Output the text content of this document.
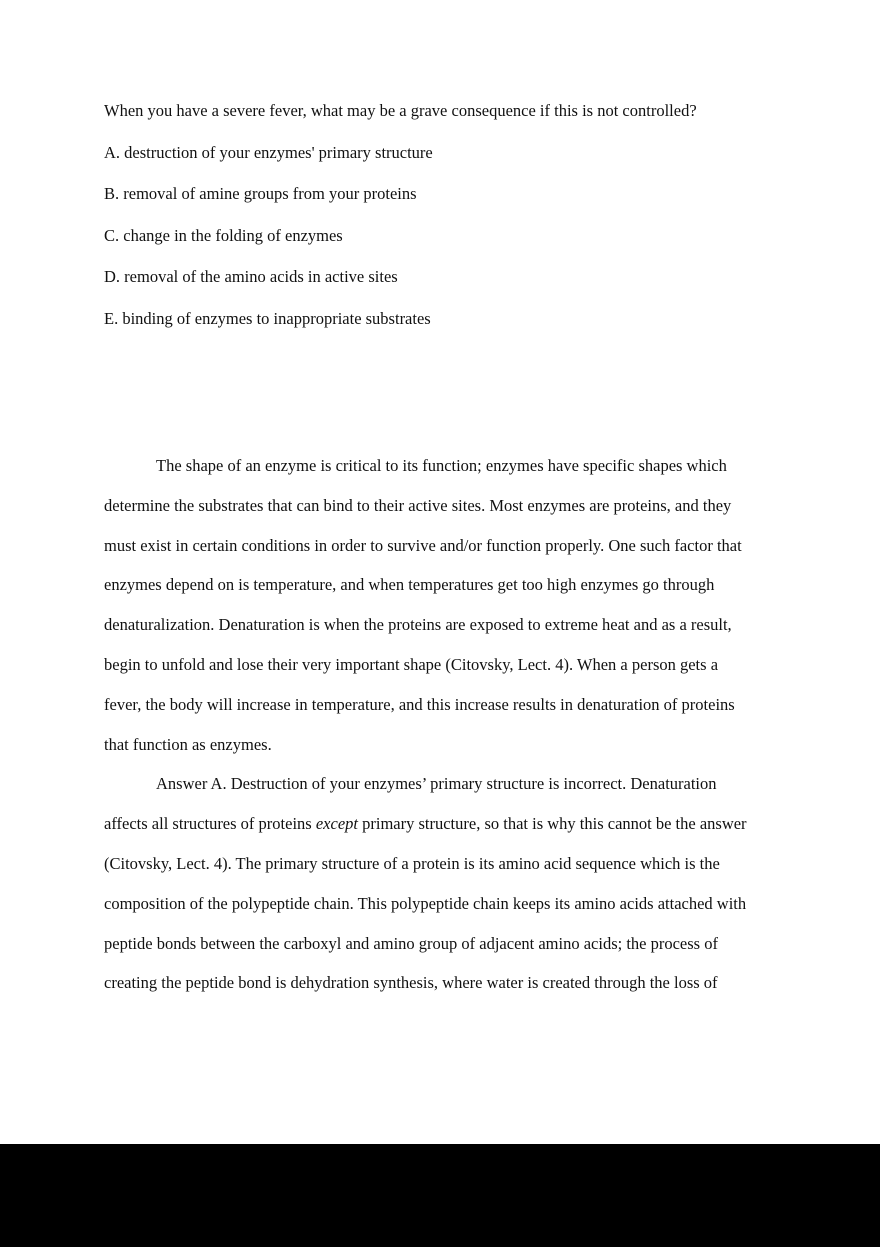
When you have a severe fever, what may be a grave consequence if this is not controlled?
A. destruction of your enzymes' primary structure
B. removal of amine groups from your proteins
C. change in the folding of enzymes
D. removal of the amino acids in active sites
E. binding of enzymes to inappropriate substrates
The shape of an enzyme is critical to its function; enzymes have specific shapes which
determine the substrates that can bind to their active sites. Most enzymes are proteins, and they
must exist in certain conditions in order to survive and/or function properly. One such factor that
enzymes depend on is temperature, and when temperatures get too high enzymes go through
denaturalization. Denaturation is when the proteins are exposed to extreme heat and as a result,
begin to unfold and lose their very important shape (Citovsky, Lect. 4). When a person gets a
fever, the body will increase in temperature, and this increase results in denaturation of proteins
that function as enzymes.
Answer A. Destruction of your enzymes’ primary structure is incorrect. Denaturation
affects all structures of proteins except primary structure, so that is why this cannot be the answer
(Citovsky, Lect. 4). The primary structure of a protein is its amino acid sequence which is the
composition of the polypeptide chain. This polypeptide chain keeps its amino acids attached with
peptide bonds between the carboxyl and amino group of adjacent amino acids; the process of
creating the peptide bond is dehydration synthesis, where water is created through the loss of
